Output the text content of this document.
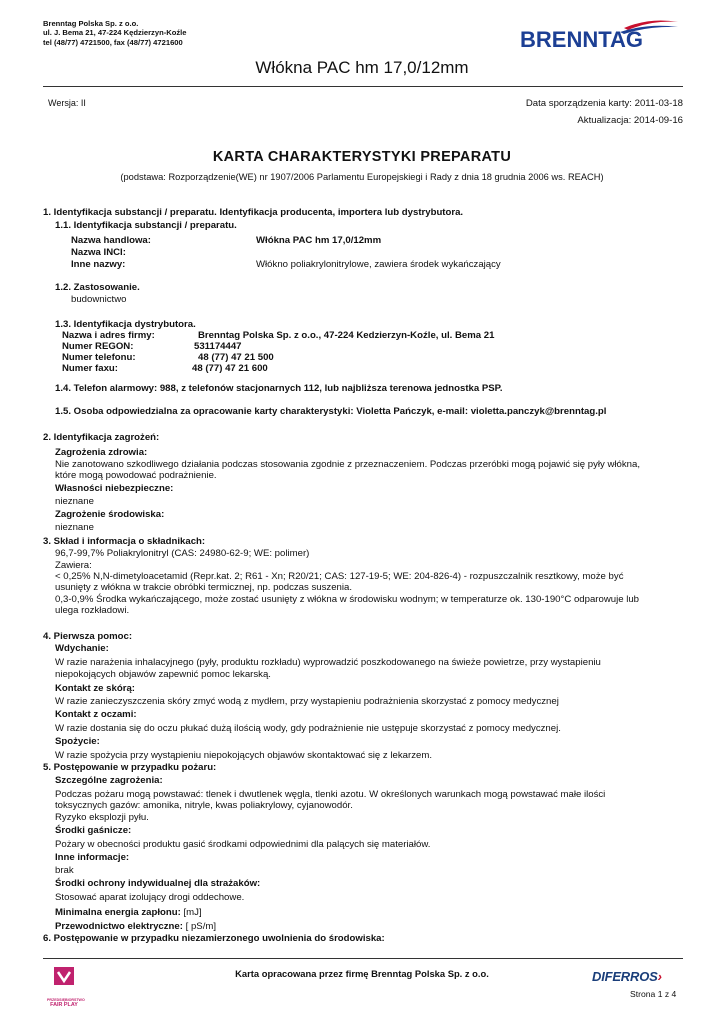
Brenntag Polska Sp. z o.o.
ul. J. Bema 21, 47-224 Kędzierzyn-Koźle
tel (48/77) 4721500, fax (48/77) 4721600	BRENNTAG
Włókna PAC hm 17,0/12mm
Wersja: II	Data sporządzenia karty: 2011-03-18
Aktualizacja: 2014-09-16
KARTA CHARAKTERYSTYKI PREPARATU
(podstawa: Rozporządzenie(WE) nr 1907/2006 Parlamentu Europejskiegi i Rady z dnia 18 grudnia 2006 ws. REACH)
1. Identyfikacja substancji / preparatu. Identyfikacja producenta, importera lub dystrybutora.
1.1. Identyfikacja substancji / preparatu.
Nazwa handlowa:	Włókna PAC hm 17,0/12mm
Nazwa INCI:
Inne nazwy:	Włókno poliakrylonitrylowe, zawiera środek wykańczający
1.2. Zastosowanie.
budownictwo
1.3. Identyfikacja dystrybutora.
Nazwa i adres firmy:	Brenntag Polska Sp. z o.o., 47-224 Kedzierzyn-Koźle, ul. Bema 21
Numer REGON:	531174447
Numer telefonu:	48 (77) 47 21 500
Numer faxu:	48 (77) 47 21 600
1.4. Telefon alarmowy: 988, z telefonów stacjonarnych 112, lub najbliższa terenowa jednostka PSP.
1.5. Osoba odpowiedzialna za opracowanie karty charakterystyki: Violetta Pańczyk, e-mail: violetta.panczyk@brenntag.pl
2. Identyfikacja zagrożeń:
Zagrożenia zdrowia:
Nie zanotowano szkodliwego działania podczas stosowania zgodnie z przeznaczeniem. Podczas przeróbki mogą pojawić się pyły włókna,
które mogą powodować podrażnienie.
Własności niebezpieczne:
nieznane
Zagrożenie środowiska:
nieznane
3. Skład i informacja o składnikach:
96,7-99,7% Poliakrylonitryl (CAS: 24980-62-9; WE: polimer)
Zawiera:
< 0,25% N,N-dimetyloacetamid (Repr.kat. 2; R61 - Xn; R20/21; CAS: 127-19-5; WE: 204-826-4) - rozpuszczalnik resztkowy, może być
usunięty z włókna w trakcie obróbki termicznej, np. podczas suszenia.
0,3-0,9% Środka wykańczającego, może zostać usunięty z włókna w środowisku wodnym; w temperaturze ok. 130-190°C odparowuje lub
ulega rozkładowi.
4. Pierwsza pomoc:
Wdychanie:
W razie narażenia inhalacyjnego (pyły, produktu rozkładu) wyprowadzić poszkodowanego na świeże powietrze, przy wystapieniu
niepokojących objawów zapewnić pomoc lekarską.
Kontakt ze skórą:
W razie zanieczyszczenia skóry zmyć wodą z mydłem, przy wystapieniu podrażnienia skorzystać z pomocy medycznej
Kontakt z oczami:
W razie dostania się do oczu płukać dużą ilością wody, gdy podrażnienie nie ustępuje skorzystać z pomocy medycznej.
Spożycie:
W razie spożycia przy wystąpieniu niepokojących objawów skontaktować się z lekarzem.
5. Postępowanie w przypadku pożaru:
Szczególne zagrożenia:
Podczas pożaru mogą powstawać: tlenek i dwutlenek węgla, tlenki azotu. W określonych warunkach mogą powstawać małe ilości
toksycznych gazów: amonika, nitryle, kwas poliakrylowy, cyjanowodór.
Ryzyko eksplozji pyłu.
Środki gaśnicze:
Pożary w obecności produktu gasić środkami odpowiednimi dla palących się materiałów.
Inne informacje:
brak
Środki ochrony indywidualnej dla strażaków:
Stosować aparat izolujący drogi oddechowe.
Minimalna energia zapłonu: [mJ]
Przewodnictwo elektryczne: [ pS/m]
6. Postępowanie w przypadku niezamierzonego uwolnienia do środowiska:
PRZEDSIĘBIORSTWO
FAIR PLAY
Karta opracowana przez firmę Brenntag Polska Sp. z o.o.	DIFERROS›
Strona 1 z 4
